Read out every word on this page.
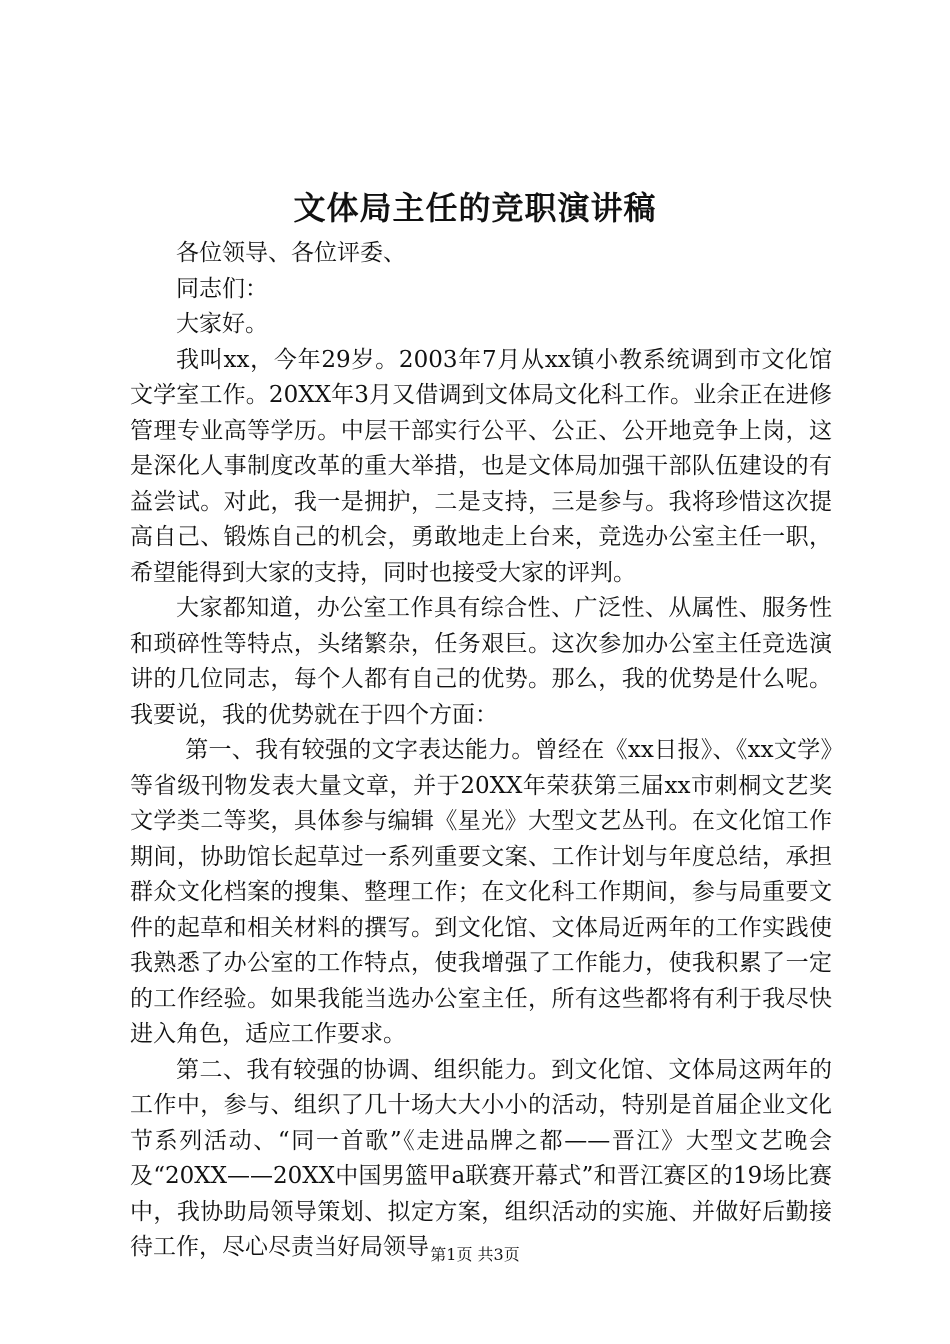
文体局主任的竞职演讲稿

各位领导、各位评委、

同志们：

大家好。

我叫xx，今年29岁。2003年7月从xx镇小教系统调到市文化馆文学室工作。20XX年3月又借调到文体局文化科工作。业余正在进修管理专业高等学历。中层干部实行公平、公正、公开地竞争上岗，这是深化人事制度改革的重大举措，也是文体局加强干部队伍建设的有益尝试。对此，我一是拥护，二是支持，三是参与。我将珍惜这次提高自己、锻炼自己的机会，勇敢地走上台来，竞选办公室主任一职，希望能得到大家的支持，同时也接受大家的评判。

大家都知道，办公室工作具有综合性、广泛性、从属性、服务性和琐碎性等特点，头绪繁杂，任务艰巨。这次参加办公室主任竞选演讲的几位同志，每个人都有自己的优势。那么，我的优势是什么呢。我要说，我的优势就在于四个方面：

第一、我有较强的文字表达能力。曾经在《xx日报》、《xx文学》等省级刊物发表大量文章，并于20XX年荣获第三届xx市刺桐文艺奖文学类二等奖，具体参与编辑《星光》大型文艺丛刊。在文化馆工作期间，协助馆长起草过一系列重要文案、工作计划与年度总结，承担群众文化档案的搜集、整理工作；在文化科工作期间，参与局重要文件的起草和相关材料的撰写。到文化馆、文体局近两年的工作实践使我熟悉了办公室的工作特点，使我增强了工作能力，使我积累了一定的工作经验。如果我能当选办公室主任，所有这些都将有利于我尽快进入角色，适应工作要求。

第二、我有较强的协调、组织能力。到文化馆、文体局这两年的工作中，参与、组织了几十场大大小小的活动，特别是首届企业文化节系列活动、“同一首歌”《走进品牌之都——晋江》大型文艺晚会及“20XX——20XX中国男篮甲a联赛开幕式”和晋江赛区的19场比赛中，我协助局领导策划、拟定方案，组织活动的实施、并做好后勤接待工作，尽心尽责当好局领导 第1页 共3页
